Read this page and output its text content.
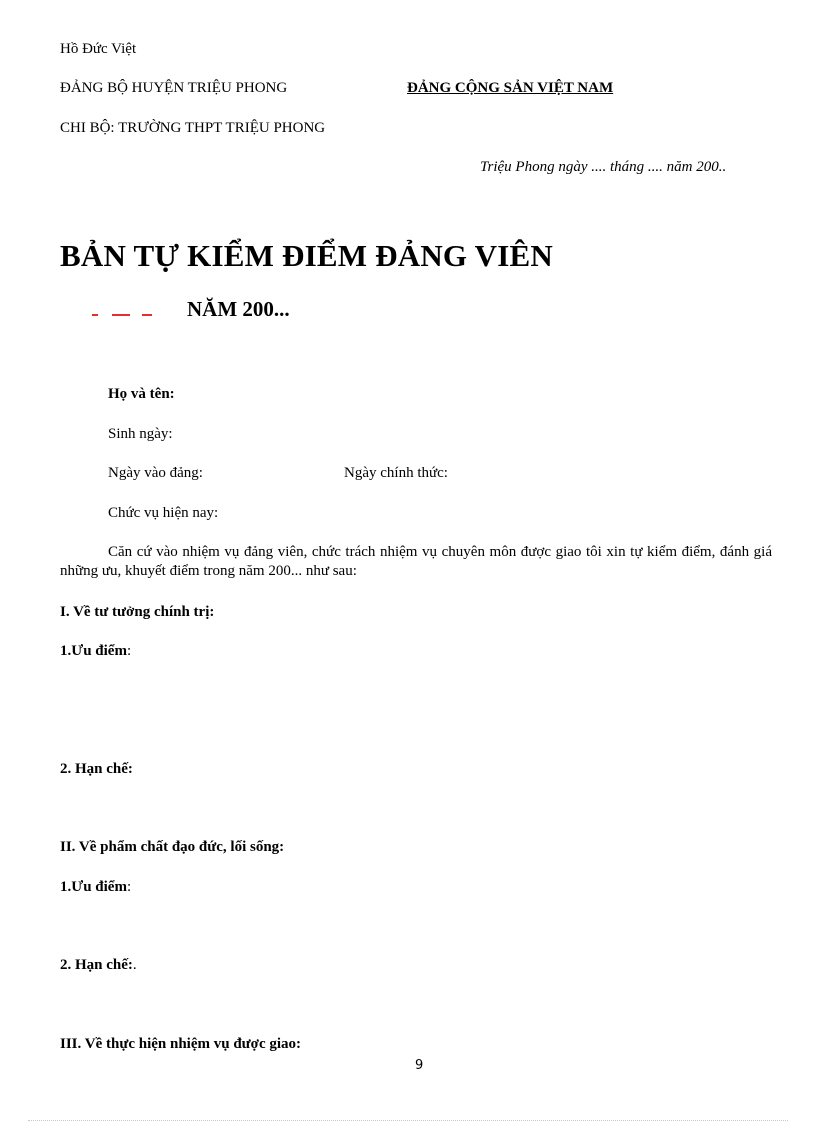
Hồ Đức Việt
ĐẢNG BỘ HUYỆN TRIỆU PHONG	ĐẢNG CỘNG SẢN VIỆT NAM
CHI BỘ: TRƯỜNG THPT TRIỆU PHONG
Triệu Phong ngày .... tháng .... năm 200..
BẢN TỰ KIỂM ĐIỂM ĐẢNG VIÊN
NĂM 200...
Họ và tên:
Sinh ngày:
Ngày vào đảng:	Ngày chính thức:
Chức vụ hiện nay:
Căn cứ vào nhiệm vụ đảng viên, chức trách nhiệm vụ chuyên môn được giao tôi xin tự kiểm điểm, đánh giá những ưu, khuyết điểm trong năm 200... như sau:
I. Về tư tưởng chính trị:
1.Ưu điểm:
2. Hạn chế:
II. Về phẩm chất đạo đức, lối sống:
1.Ưu điểm:
2. Hạn chế:.
III. Về thực hiện nhiệm vụ được giao:
9
